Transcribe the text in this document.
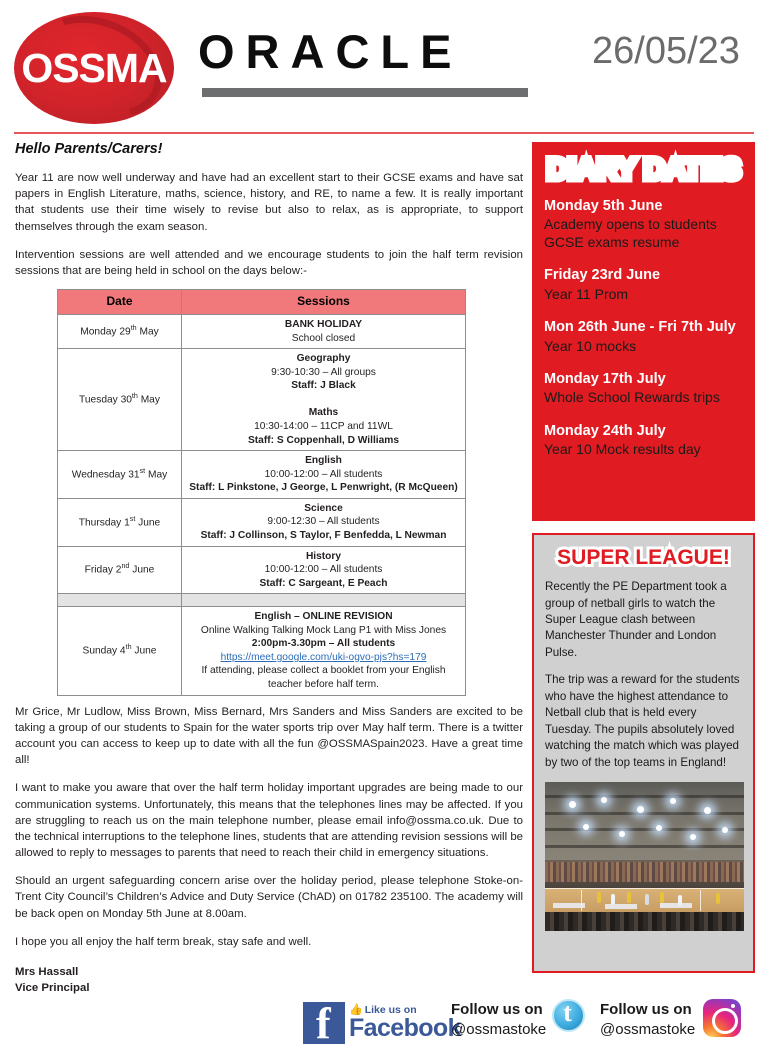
OSSMA ORACLE	26/05/23
Hello Parents/Carers!
Year 11 are now well underway and have had an excellent start to their GCSE exams and have sat papers in English Literature, maths, science, history, and RE, to name a few. It is really important that students use their time wisely to revise but also to relax, as is appropriate, to support themselves through the exam season.
Intervention sessions are well attended and we encourage students to join the half term revision sessions that are being held in school on the days below:-
Date	Sessions
Monday 29th May	BANK HOLIDAY
School closed

Tuesday 30th May	
Geography
9:30-10:30 – All groups
Staff: J Black

Maths
10:30-14:00 – 11CP and 11WL
Staff: S Coppenhall, D Williams

Wednesday 31st May	English
10:00-12:00 – All students
Staff: L Pinkstone, J George, L Penwright, (R McQueen)

Thursday 1st June	Science
9:00-12:30 – All students
Staff: J Collinson, S Taylor, F Benfedda, L Newman

Friday 2nd June	History
10:00-12:00 – All students
Staff: C Sargeant, E Peach

Sunday 4th June	
English – ONLINE REVISION
Online Walking Talking Mock Lang P1 with Miss Jones
2:00pm-3.30pm – All students
https://meet.google.com/uki-ogvo-pjs?hs=179
If attending, please collect a booklet from your English
teacher before half term.
Mr Grice, Mr Ludlow, Miss Brown, Miss Bernard, Mrs Sanders and Miss Sanders are excited to be taking a group of our students to Spain for the water sports trip over May half term. There is a twitter account you can access to keep up to date with all the fun @OSSMASpain2023. Have a great time all!
I want to make you aware that over the half term holiday important upgrades are being made to our communication systems. Unfortunately, this means that the telephones lines may be affected. If you are struggling to reach us on the main telephone number, please email info@ossma.co.uk. Due to the technical interruptions to the telephone lines, students that are attending revision sessions will be allowed to reply to messages to parents that need to reach their child in emergency situations.
Should an urgent safeguarding concern arise over the holiday period, please telephone Stoke-on-Trent City Council’s Children’s Advice and Duty Service (ChAD) on 01782 235100. The academy will be back open on Monday 5th June at 8.00am.
I hope you all enjoy the half term break, stay safe and well.
Mrs Hassall
Vice Principal
DIARY DATES
Monday 5th June
Academy opens to students
GCSE exams resume
Friday 23rd June
Year 11 Prom
Mon 26th June - Fri 7th July
Year 10 mocks
Monday 17th July
Whole School Rewards trips
Monday 24th July
Year 10 Mock results day
SUPER LEAGUE!
Recently the PE Department took a group of netball girls to watch the Super League clash between Manchester Thunder and London Pulse.
The trip was a reward for the students who have the highest attendance to Netball club that is held every Tuesday. The pupils absolutely loved watching the match which was played by two of the top teams in England!
f
👍 Like us on
Facebook
Follow us on
@ossmastoke
t
Follow us on
@ossmastoke
